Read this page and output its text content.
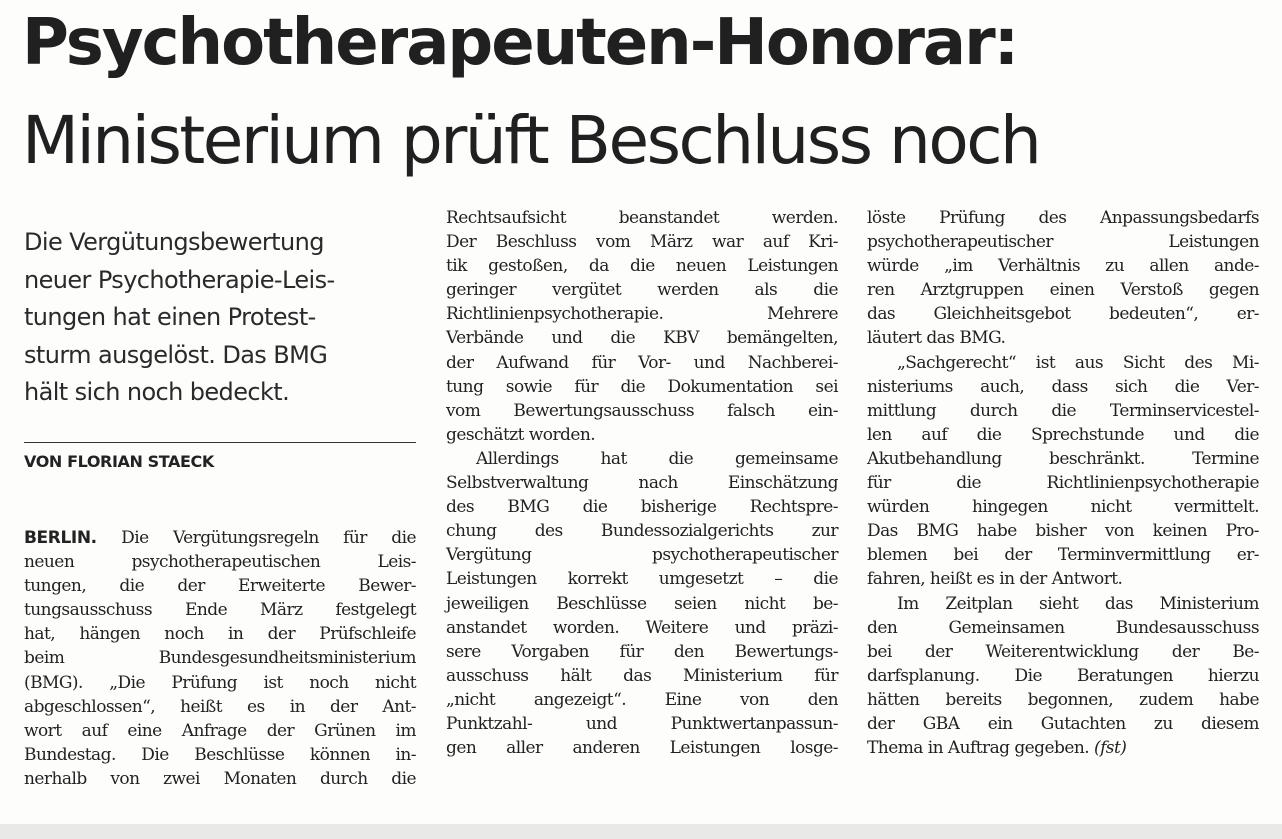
Psychotherapeuten-Honorar:
Ministerium prüft Beschluss noch
Die Vergütungsbewertung
neuer Psychotherapie-Leis-
tungen hat einen Protest-
sturm ausgelöst. Das BMG
hält sich noch bedeckt.
VON FLORIAN STAECK
BERLIN. Die Vergütungsregeln für die
neuen psychotherapeutischen Leis-
tungen, die der Erweiterte Bewer-
tungsausschuss Ende März festgelegt
hat, hängen noch in der Prüfschleife
beim Bundesgesundheitsministerium
(BMG). „Die Prüfung ist noch nicht
abgeschlossen“, heißt es in der Ant-
wort auf eine Anfrage der Grünen im
Bundestag. Die Beschlüsse können in-
nerhalb von zwei Monaten durch die
Rechtsaufsicht beanstandet werden.
Der Beschluss vom März war auf Kri-
tik gestoßen, da die neuen Leistungen
geringer vergütet werden als die
Richtlinienpsychotherapie. Mehrere
Verbände und die KBV bemängelten,
der Aufwand für Vor- und Nachberei-
tung sowie für die Dokumentation sei
vom Bewertungsausschuss falsch ein-
geschätzt worden.
Allerdings hat die gemeinsame
Selbstverwaltung nach Einschätzung
des BMG die bisherige Rechtspre-
chung des Bundessozialgerichts zur
Vergütung psychotherapeutischer
Leistungen korrekt umgesetzt – die
jeweiligen Beschlüsse seien nicht be-
anstandet worden. Weitere und präzi-
sere Vorgaben für den Bewertungs-
ausschuss hält das Ministerium für
„nicht angezeigt“. Eine von den
Punktzahl- und Punktwertanpassun-
gen aller anderen Leistungen losge-
löste Prüfung des Anpassungsbedarfs
psychotherapeutischer Leistungen
würde „im Verhältnis zu allen ande-
ren Arztgruppen einen Verstoß gegen
das Gleichheitsgebot bedeuten“, er-
läutert das BMG.
„Sachgerecht“ ist aus Sicht des Mi-
nisteriums auch, dass sich die Ver-
mittlung durch die Terminservicestel-
len auf die Sprechstunde und die
Akutbehandlung beschränkt. Termine
für die Richtlinienpsychotherapie
würden hingegen nicht vermittelt.
Das BMG habe bisher von keinen Pro-
blemen bei der Terminvermittlung er-
fahren, heißt es in der Antwort.
Im Zeitplan sieht das Ministerium
den Gemeinsamen Bundesausschuss
bei der Weiterentwicklung der Be-
darfsplanung. Die Beratungen hierzu
hätten bereits begonnen, zudem habe
der GBA ein Gutachten zu diesem
Thema in Auftrag gegeben. (fst)
